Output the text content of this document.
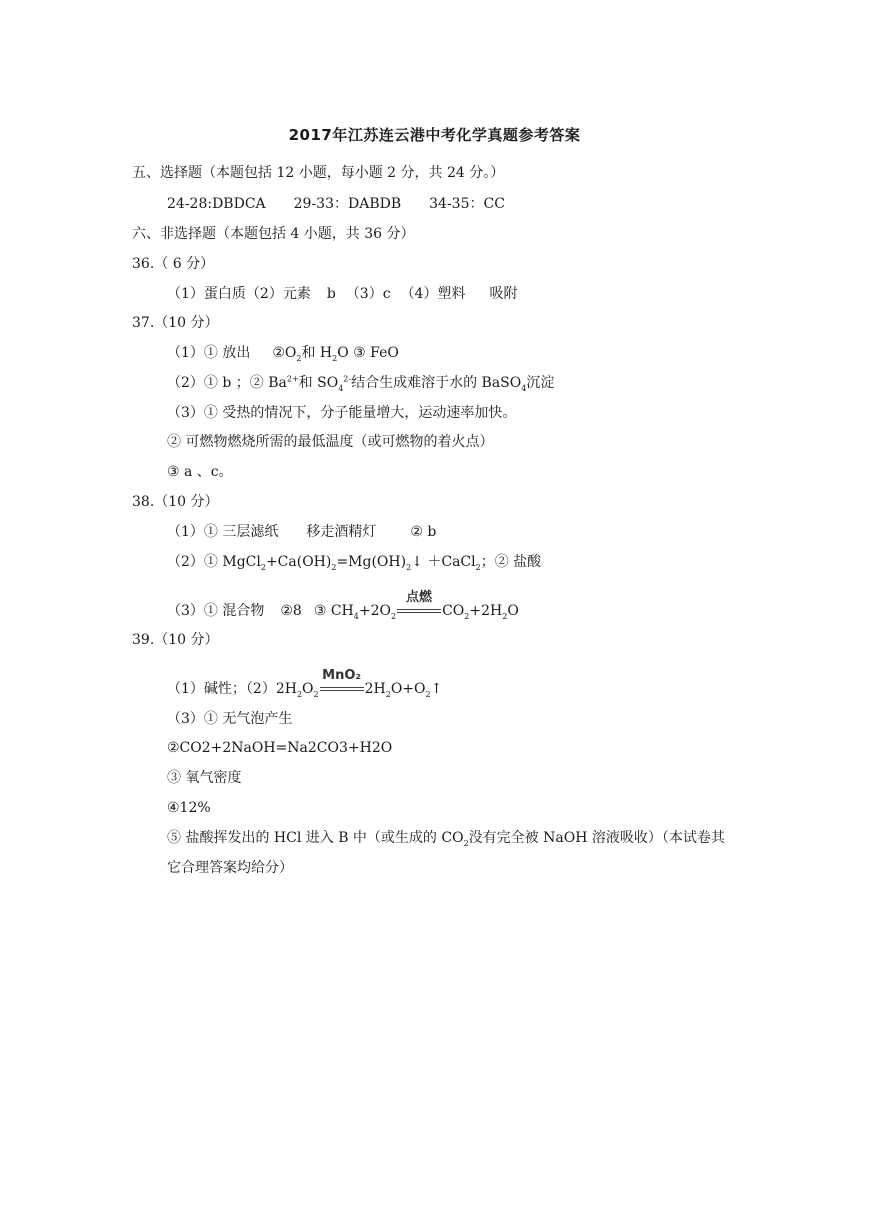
2017年江苏连云港中考化学真题参考答案
五、选择题（本题包括 12 小题，每小题 2 分，共 24 分。）
24-28:DBDCA 29-33：DABDB 34-35：CC
六、非选择题（本题包括 4 小题，共 36 分）
36.（ 6 分）
（1）蛋白质（2）元素 b （3）c （4）塑料 吸附
37.（10 分）
（1）① 放出 $②O_2$和 $H_2O$ ③ FeO
（2）① b ；② $Ba^{2+}$和 $SO_4^{2-}$结合生成难溶于水的 BaSO$_4$沉淀
（3）① 受热的情况下，分子能量增大，运动速率加快。
② 可燃物燃烧所需的最低温度（或可燃物的着火点）
③ a 、c。
38.（10 分）
（1）① 三层滤纸 移走酒精灯 ② b
（2）① $MgCl_2+Ca(OH)_2=Mg(OH)_2↓$ ＋CaCl$_2$；② 盐酸
（3）① 混合物 ②8 ③ $CH_4+2O_2$
点燃
$CO_2+2H_2O$
39.（10 分）
（1）碱性；$(2)2H_2O_2$
MnO₂
$2H_2O+O_2↑$
（3）① 无气泡产生
②CO2+2NaOH=Na2CO3+H2O
③ 氧气密度
④12%
⑤ 盐酸挥发出的 HCl 进入 B 中（或生成的 $CO_2$没有完全被 NaOH 溶液吸收）（本试卷其
它合理答案均给分）
